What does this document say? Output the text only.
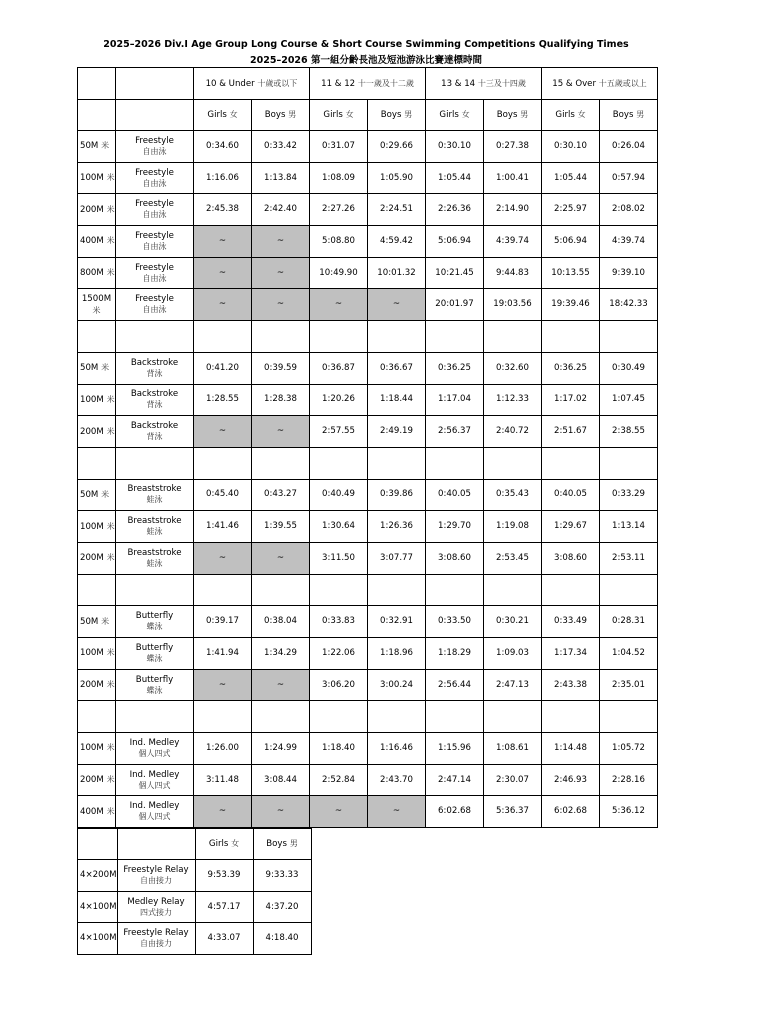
2025–2026 Div.I Age Group Long Course & Short Course Swimming Competitions Qualifying Times
2025–2026 第一組分齡長池及短池游泳比賽達標時間
		10 & Under 十歲或以下		11 & 12 十一歲及十二歲		13 & 14 十三及十四歲		15 & Over 十五歲或以上	
		Girls 女	Boys 男	Girls 女	Boys 男	Girls 女	Boys 男	Girls 女	Boys 男
50M 米	Freestyle
自由泳	0:34.60	0:33.42	0:31.07	0:29.66	0:30.10	0:27.38	0:30.10	0:26.04
100M 米	Freestyle
自由泳	1:16.06	1:13.84	1:08.09	1:05.90	1:05.44	1:00.41	1:05.44	0:57.94
200M 米	Freestyle
自由泳	2:45.38	2:42.40	2:27.26	2:24.51	2:26.36	2:14.90	2:25.97	2:08.02
400M 米	Freestyle
自由泳	~	~	5:08.80	4:59.42	5:06.94	4:39.74	5:06.94	4:39.74
800M 米	Freestyle
自由泳	~	~	10:49.90	10:01.32	10:21.45	9:44.83	10:13.55	9:39.10
1500M
米	Freestyle
自由泳	~	~	~	~	20:01.97	19:03.56	19:39.46	18:42.33

50M 米	Backstroke
背泳	0:41.20	0:39.59	0:36.87	0:36.67	0:36.25	0:32.60	0:36.25	0:30.49
100M 米	Backstroke
背泳	1:28.55	1:28.38	1:20.26	1:18.44	1:17.04	1:12.33	1:17.02	1:07.45
200M 米	Backstroke
背泳	~	~	2:57.55	2:49.19	2:56.37	2:40.72	2:51.67	2:38.55

50M 米	Breaststroke
蛙泳	0:45.40	0:43.27	0:40.49	0:39.86	0:40.05	0:35.43	0:40.05	0:33.29
100M 米	Breaststroke
蛙泳	1:41.46	1:39.55	1:30.64	1:26.36	1:29.70	1:19.08	1:29.67	1:13.14
200M 米	Breaststroke
蛙泳	~	~	3:11.50	3:07.77	3:08.60	2:53.45	3:08.60	2:53.11

50M 米	Butterfly
蝶泳	0:39.17	0:38.04	0:33.83	0:32.91	0:33.50	0:30.21	0:33.49	0:28.31
100M 米	Butterfly
蝶泳	1:41.94	1:34.29	1:22.06	1:18.96	1:18.29	1:09.03	1:17.34	1:04.52
200M 米	Butterfly
蝶泳	~	~	3:06.20	3:00.24	2:56.44	2:47.13	2:43.38	2:35.01

100M 米	Ind. Medley
個人四式	1:26.00	1:24.99	1:18.40	1:16.46	1:15.96	1:08.61	1:14.48	1:05.72
200M 米	Ind. Medley
個人四式	3:11.48	3:08.44	2:52.84	2:43.70	2:47.14	2:30.07	2:46.93	2:28.16
400M 米	Ind. Medley
個人四式	~	~	~	~	6:02.68	5:36.37	6:02.68	5:36.12
		Girls 女	Boys 男
4×200M	Freestyle Relay
自由接力	9:53.39	9:33.33
4×100M	Medley Relay
四式接力	4:57.17	4:37.20
4×100M	Freestyle Relay
自由接力	4:33.07	4:18.40
